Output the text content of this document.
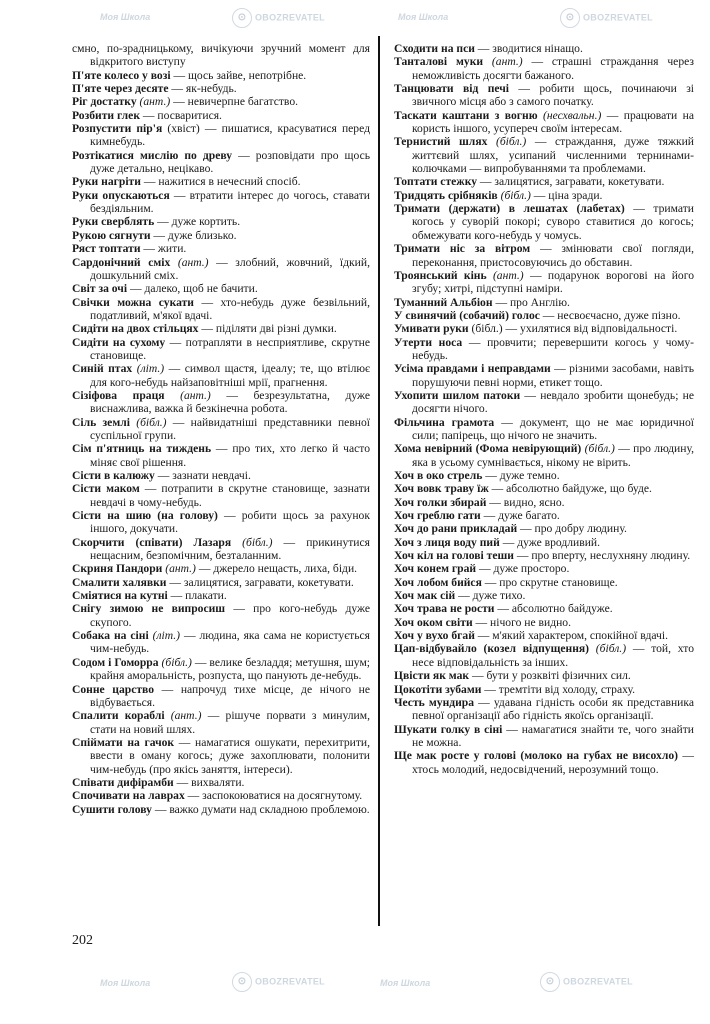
Моя Школа	⊙ OBOZREVATEL	Моя Школа	⊙ OBOZREVATEL
Моя Школа	⊙ OBOZREVATEL	Моя Школа	⊙ OBOZREVATEL
смно, по-зрадницькому, вичікуючи зручний момент для відкритого виступу
П'яте колесо у возі — щось зайве, непотрібне.
П'яте через десяте — як-небудь.
Ріг достатку (ант.) — невичерпне багатство.
Розбити глек — посваритися.
Розпустити пір'я (хвіст) — пишатися, красуватися перед кимнебудь.
Розтікатися мислію по древу — розповідати про щось дуже детально, нецікаво.
Руки нагріти — нажитися в нечесний спосіб.
Руки опускаються — втратити інтерес до чогось, ставати бездіяльним.
Руки сверблять — дуже кортить.
Рукою сягнути — дуже близько.
Ряст топтати — жити.
Сардонічний сміх (ант.) — злобний, жовчний, їдкий, дошкульний сміх.
Світ за очі — далеко, щоб не бачити.
Свічки можна сукати — хто-небудь дуже безвільний, податливий, м'якої вдачі.
Сидіти на двох стільцях — піділяти дві різні думки.
Сидіти на сухому — потрапляти в несприятливе, скрутне становище.
Синій птах (літ.) — символ щастя, ідеалу; те, що втілює для кого-небудь найзаповітніші мрії, прагнення.
Сізіфова праця (ант.) — безрезультатна, дуже виснажлива, важка й безкінечна робота.
Сіль землі (бібл.) — найвидатніші представники певної суспільної групи.
Сім п'ятниць на тиждень — про тих, хто легко й часто міняє свої рішення.
Сісти в калюжу — зазнати невдачі.
Сісти маком — потрапити в скрутне становище, зазнати невдачі в чому-небудь.
Сісти на шию (на голову) — робити щось за рахунок іншого, докучати.
Скорчити (співати) Лазаря (бібл.) — прикинутися нещасним, безпомічним, безталанним.
Скриня Пандори (ант.) — джерело нещасть, лиха, біди.
Смалити халявки — залицятися, загравати, кокетувати.
Сміятися на кутні — плакати.
Снігу зимою не випросиш — про кого-небудь дуже скупого.
Собака на сіні (літ.) — людина, яка сама не користується чим-небудь.
Содом і Гоморра (бібл.) — велике безладдя; метушня, шум; крайня аморальність, розпуста, що панують де-небудь.
Сонне царство — напрочуд тихе місце, де нічого не відбувається.
Спалити кораблі (ант.) — рішуче порвати з минулим, стати на новий шлях.
Спіймати на гачок — намагатися ошукати, перехитрити, ввести в оману когось; дуже захоплювати, полонити чим-небудь (про якісь заняття, інтереси).
Співати дифірамби — вихваляти.
Спочивати на лаврах — заспокоюватися на досягнутому.
Сушити голову — важко думати над складною проблемою.
Сходити на пси — зводитися нінащо.
Танталові муки (ант.) — страшні страждання через неможливість досягти бажаного.
Танцювати від печі — робити щось, починаючи зі звичного місця або з самого початку.
Таскати каштани з вогню (несхвальн.) — працювати на користь іншого, усупереч своїм інтересам.
Тернистий шлях (бібл.) — страждання, дуже тяжкий життєвий шлях, усипаний численними тернинами-колючками — випробуваннями та проблемами.
Топтати стежку — залицятися, загравати, кокетувати.
Тридцять срібняків (бібл.) — ціна зради.
Тримати (держати) в лешатах (лабетах) — тримати когось у суворій покорі; суворо ставитися до когось; обмежувати кого-небудь у чомусь.
Тримати ніс за вітром — змінювати свої погляди, переконання, пристосовуючись до обставин.
Троянський кінь (ант.) — подарунок ворогові на його згубу; хитрі, підступні наміри.
Туманний Альбіон — про Англію.
У свинячий (собачий) голос — несвоєчасно, дуже пізно.
Умивати руки (бібл.) — ухилятися від відповідальності.
Утерти носа — провчити; перевершити когось у чому-небудь.
Усіма правдами і неправдами — різними засобами, навіть порушуючи певні норми, етикет тощо.
Ухопити шилом патоки — невдало зробити щонебудь; не досягти нічого.
Фільчина грамота — документ, що не має юридичної сили; папірець, що нічого не значить.
Хома невірний (Фома невірующий) (бібл.) — про людину, яка в усьому сумнівається, нікому не вірить.
Хоч в око стрель — дуже темно.
Хоч вовк траву їж — абсолютно байдуже, що буде.
Хоч голки збирай — видно, ясно.
Хоч греблю гати — дуже багато.
Хоч до рани прикладай — про добру людину.
Хоч з лиця воду пий — дуже вродливий.
Хоч кіл на голові теши — про вперту, неслухняну людину.
Хоч конем грай — дуже просторо.
Хоч лобом бийся — про скрутне становище.
Хоч мак сій — дуже тихо.
Хоч трава не рости — абсолютно байдуже.
Хоч оком світи — нічого не видно.
Хоч у вухо бгай — м'який характером, спокійної вдачі.
Цап-відбувайло (козел відпущення) (бібл.) — той, хто несе відповідальність за інших.
Цвісти як мак — бути у розквіті фізичних сил.
Цокотіти зубами — тремтіти від холоду, страху.
Честь мундира — удавана гідність особи як представника певної організації або гідність якоїсь організації.
Шукати голку в сіні — намагатися знайти те, чого знайти не можна.
Ще мак росте у голові (молоко на губах не висохло) — хтось молодий, недосвідчений, нерозумний тощо.
202
